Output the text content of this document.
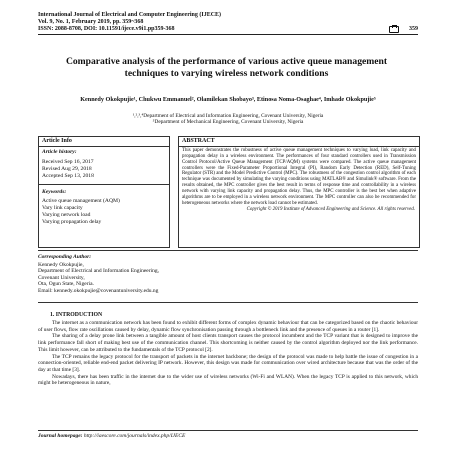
International Journal of Electrical and Computer Engineering (IJECE)
Vol. 9, No. 1, February 2019, pp. 359~368
ISSN: 2088-8708, DOI: 10.11591/ijece.v9i1.pp359-368	359
Comparative analysis of the performance of various active queue management techniques to varying wireless network conditions
Kennedy Okokpujie¹, Chukwu Emmanuel², Olamilekan Shobayo³, Etinosa Noma-Osaghae⁴, Imhade Okokpujie⁵
¹,²,³,⁴Department of Electrical and Information Engineering, Covenant University, Nigeria
⁵Department of Mechanical Engineering, Covenant University, Nigeria
Article Info
Article history:
Received Sep 16, 2017
Revised Aug 29, 2018
Accepted Sep 13, 2018
Keywords:
Active queue management (AQM)
Vary link capacity
Varying network load
Varying propagation delay
ABSTRACT
This paper demonstrates the robustness of active queue management techniques to varying load, link capacity and propagation delay in a wireless environment. The performances of four standard controllers used in Transmission Control Protocol/Active Queue Management (TCP/AQM) systems were compared. The active queue management controllers were the Fixed-Parameter Proportional Integral (PI), Random Early Detection (RED), Self-Tuning Regulator (STR) and the Model Predictive Control (MPC). The robustness of the congestion control algorithm of each technique was documented by simulating the varying conditions using MATLAB® and Simulink® software. From the results obtained, the MPC controller gives the best result in terms of response time and controllability in a wireless network with varying link capacity and propagation delay. Thus, the MPC controller is the best bet when adaptive algorithms are to be employed in a wireless network environment. The MPC controller can also be recommended for heterogeneous networks where the network load cannot be estimated.
Copyright © 2019 Institute of Advanced Engineering and Science. All rights reserved.
Corresponding Author:
Kennedy Okokpujie,
Department of Electrical and Information Engineering,
Covenant University,
Ota, Ogun State, Nigeria.
Email: kennedy.okokpujie@covenantuniversity.edu.ng
1. INTRODUCTION

The internet as a communication network has been found to exhibit different forms of complex dynamic behaviour that can be categorized based on the chaotic behaviour of user flows, flow rate oscillations caused by delay, dynamic flow synchronisation passing through a bottleneck link and the presence of queues in a router [1].

The sharing of a delay prone link between a tangible amount of host clients transport causes the protocol incumbent and the TCP variant that is designed to improve the link performance fall short of making best use of the communication channel. This shortcoming is neither caused by the control algorithm deployed nor the link performance. This limit however, can be attributed to the fundamentals of the TCP protocol [2].

The TCP remains the legacy protocol for the transport of packets in the internet backbone; the design of the protocol was made to help battle the issue of congestion in a connection-oriented, reliable end-end packet delivering IP network. However, this design was made for communication over wired architecture because that was the order of the day at that time [3].

Nowadays, there has been traffic in the internet due to the wider use of wireless networks (Wi-Fi and WLAN). When the legacy TCP is applied to this network, which might be heterogeneous in nature,

Journal homepage: http://iaescore.com/journals/index.php/IJECE
